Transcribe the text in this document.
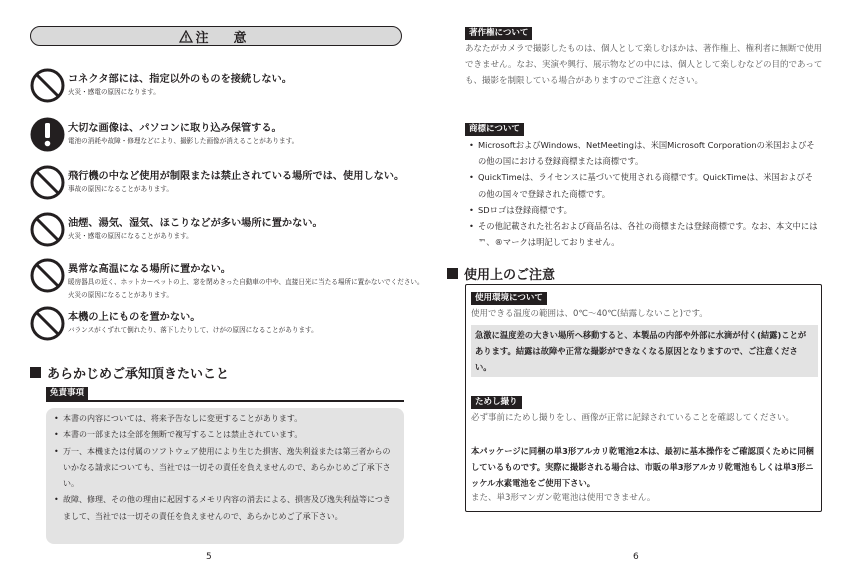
注　意
コネクタ部には、指定以外のものを接続しない。
火災・感電の原因になります。
大切な画像は、パソコンに取り込み保管する。
電池の消耗や故障・修理などにより、撮影した画像が消えることがあります。
飛行機の中など使用が制限または禁止されている場所では、使用しない。
事故の原因になることがあります。
油煙、湯気、湿気、ほこりなどが多い場所に置かない。
火災・感電の原因になることがあります。
異常な高温になる場所に置かない。
暖房器具の近く、ホットカーペットの上、窓を閉めきった自動車の中や、直接日光に当たる場所に置かないでください。火災の原因になることがあります。
本機の上にものを置かない。
バランスがくずれて倒れたり、落下したりして、けがの原因になることがあります。
あらかじめご承知頂きたいこと
免責事項
• 本書の内容については、将来予告なしに変更することがあります。
• 本書の一部または全部を無断で複写することは禁止されています。
• 万一、本機または付属のソフトウェア使用により生じた損害、逸失利益または第三者からのいかなる請求についても、当社では一切その責任を負えませんので、あらかじめご了承下さい。
• 故障、修理、その他の理由に起因するメモリ内容の消去による、損害及び逸失利益等につきまして、当社では一切その責任を負えませんので、あらかじめご了承下さい。
5
著作権について
あなたがカメラで撮影したものは、個人として楽しむほかは、著作権上、権利者に無断で使用できません。なお、実演や興行、展示物などの中には、個人として楽しむなどの目的であっても、撮影を制限している場合がありますのでご注意ください。
商標について
• MicrosoftおよびWindows、NetMeetingは、米国Microsoft Corporationの米国およびその他の国における登録商標または商標です。
• QuickTimeは、ライセンスに基づいて使用される商標です。QuickTimeは、米国およびその他の国々で登録された商標です。
• SDロゴは登録商標です。
• その他記載された社名および商品名は、各社の商標または登録商標です。なお、本文中には™、®マークは明記しておりません。
使用上のご注意
使用環境について
使用できる温度の範囲は、0℃～40℃(結露しないこと)です。
急激に温度差の大きい場所へ移動すると、本製品の内部や外部に水滴が付く(結露)ことがあります。結露は故障や正常な撮影ができなくなる原因となりますので、ご注意ください。
ためし撮り
必ず事前にためし撮りをし、画像が正常に記録されていることを確認してください。
本パッケージに同梱の単3形アルカリ乾電池2本は、最初に基本操作をご確認頂くために同梱しているものです。実際に撮影される場合は、市販の単3形アルカリ乾電池もしくは単3形ニッケル水素電池をご使用下さい。
また、単3形マンガン乾電池は使用できません。
6
